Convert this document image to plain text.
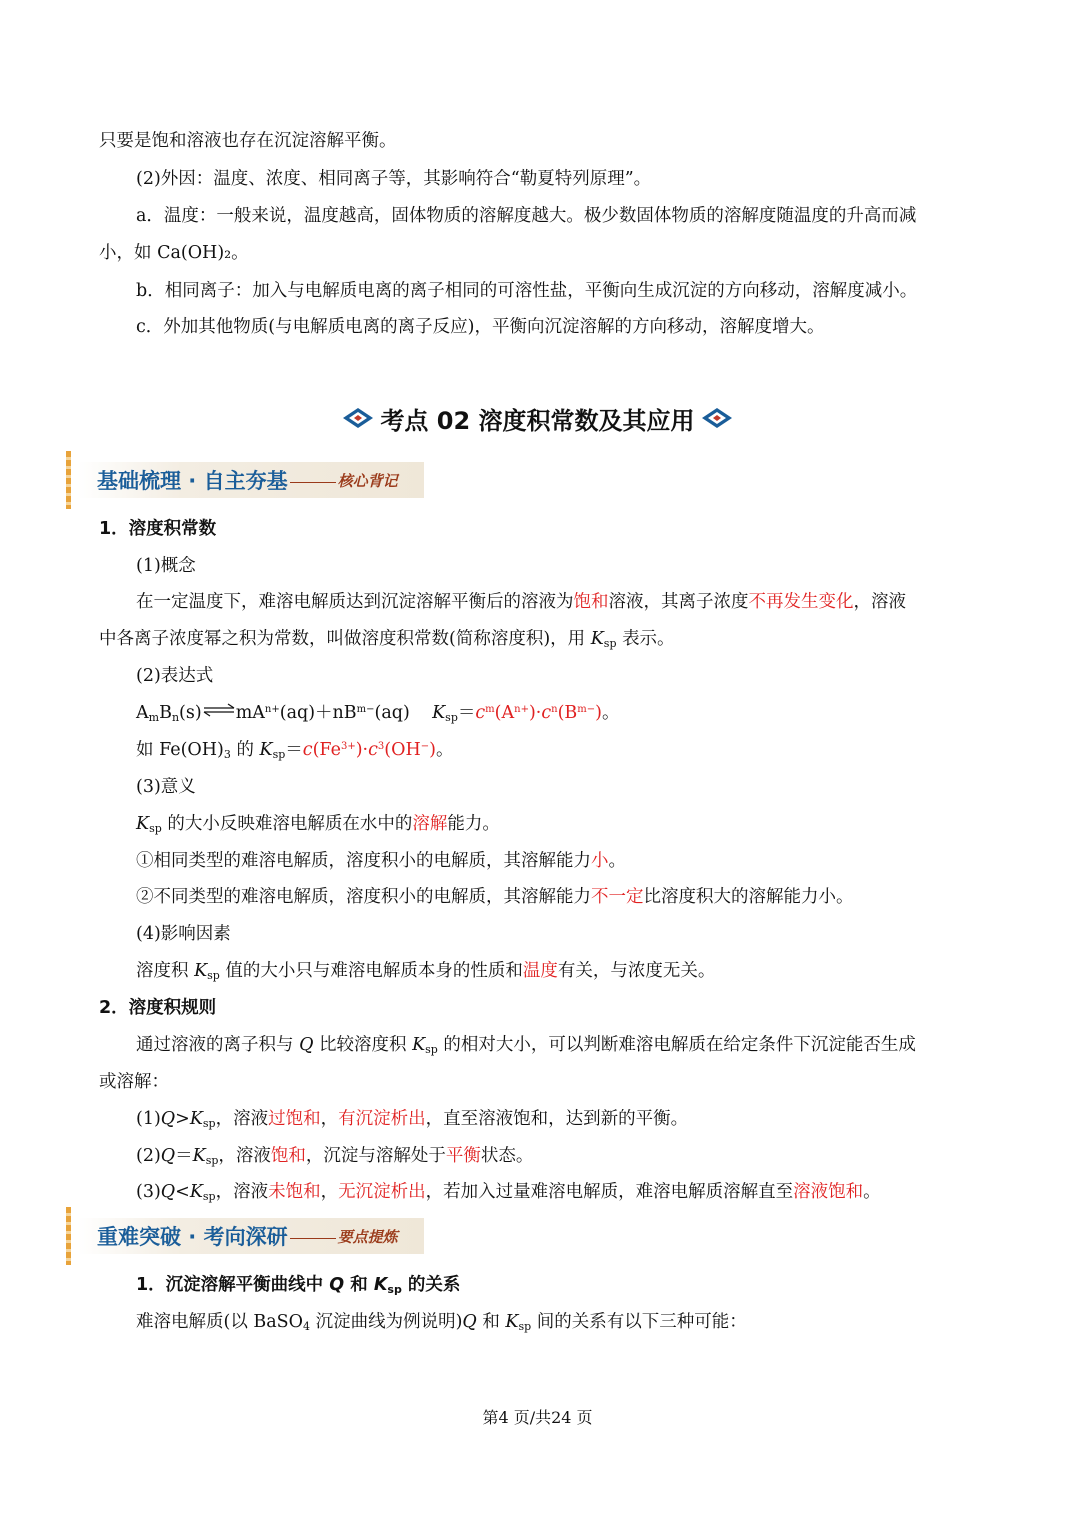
只要是饱和溶液也存在沉淀溶解平衡。
(2)外因：温度、浓度、相同离子等，其影响符合“勒夏特列原理”。
a．温度：一般来说，温度越高，固体物质的溶解度越大。极少数固体物质的溶解度随温度的升高而减
小，如 Ca(OH)₂。
b．相同离子：加入与电解质电离的离子相同的可溶性盐，平衡向生成沉淀的方向移动，溶解度减小。
c．外加其他物质(与电解质电离的离子反应)，平衡向沉淀溶解的方向移动，溶解度增大。
考点 02 溶度积常数及其应用
基础梳理 · 自主夯基	核心背记
1．溶度积常数
(1)概念
在一定温度下，难溶电解质达到沉淀溶解平衡后的溶液为饱和溶液，其离子浓度不再发生变化，溶液
中各离子浓度幂之积为常数，叫做溶度积常数(简称溶度积)，用 $K_{sp}$ 表示。
(2)表达式
$A_mB_n(s)\rightleftharpoons mA^{n+}(aq)+nB^{m-}(aq)$    $K_{sp}=c^m(A^{n+})\cdot c^n(B^{m-})$。
如 $Fe(OH)_3$ 的 $K_{sp}=c(Fe^{3+})\cdot c^3(OH^-)$。
(3)意义
$K_{sp}$ 的大小反映难溶电解质在水中的溶解能力。
①相同类型的难溶电解质，溶度积小的电解质，其溶解能力小。
②不同类型的难溶电解质，溶度积小的电解质，其溶解能力不一定比溶度积大的溶解能力小。
(4)影响因素
溶度积 $K_{sp}$ 值的大小只与难溶电解质本身的性质和温度有关，与浓度无关。
2．溶度积规则
通过溶液的离子积与 Q 比较溶度积 $K_{sp}$ 的相对大小，可以判断难溶电解质在给定条件下沉淀能否生成
或溶解：
$(1)Q>K_{sp}$，溶液过饱和，有沉淀析出，直至溶液饱和，达到新的平衡。
$(2)Q=K_{sp}$，溶液饱和，沉淀与溶解处于平衡状态。
$(3)Q<K_{sp}$，溶液未饱和，无沉淀析出，若加入过量难溶电解质，难溶电解质溶解直至溶液饱和。
重难突破 · 考向深研	要点提炼
1．沉淀溶解平衡曲线中 Q 和 $K_{sp}$ 的关系
难溶电解质(以 BaSO$_4$ 沉淀曲线为例说明)Q 和 $K_{sp}$ 间的关系有以下三种可能：
第4 页/共24 页
